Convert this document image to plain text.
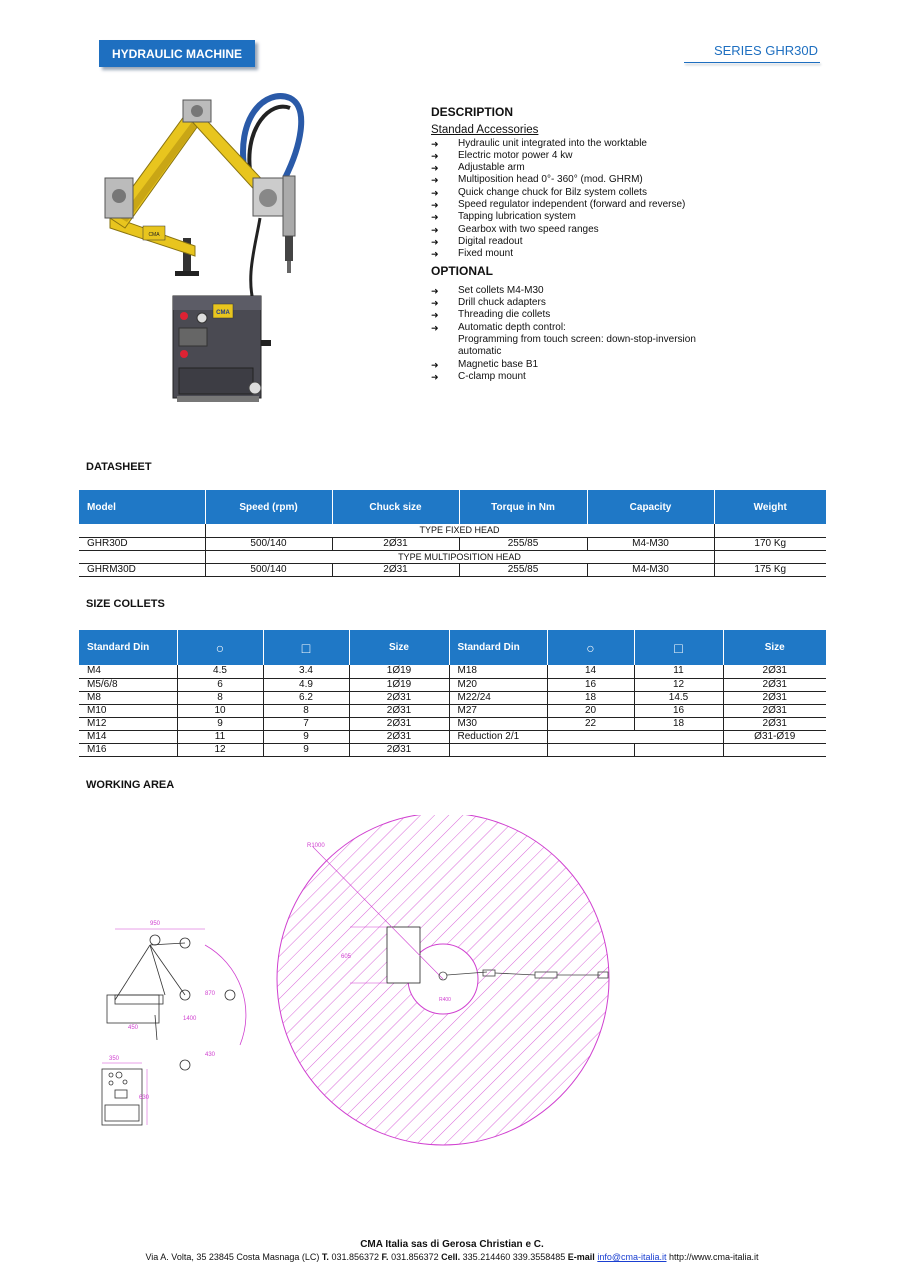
HYDRAULIC MACHINE	SERIES GHR30D
CMA
CMA
DESCRIPTION
Standad Accessories
➜ Hydraulic unit integrated into the worktable
➜ Electric motor power 4 kw
➜ Adjustable arm
➜ Multiposition head 0°- 360° (mod. GHRM)
➜ Quick change chuck for Bilz system collets
➜ Speed regulator independent (forward and reverse)
➜ Tapping lubrication system
➜ Gearbox with two speed ranges
➜ Digital readout
➜ Fixed mount
OPTIONAL
➜ Set collets M4-M30
➜ Drill chuck adapters
➜ Threading die collets
➜ Automatic depth control:
Programming from touch screen: down-stop-inversion automatic
➜ Magnetic base B1
➜ C-clamp mount
DATASHEET
Model	Speed (rpm)	Chuck size	Torque in Nm	Capacity	Weight
	TYPE FIXED HEAD				
GHR30D	500/140	2Ø31	255/85	M4-M30	170 Kg
	TYPE MULTIPOSITION HEAD				
GHRM30D	500/140	2Ø31	255/85	M4-M30	175 Kg
SIZE COLLETS
Standard Din	○	□	Size	Standard Din	○	□	Size
M4	4.5	3.4	1Ø19	M18	14	11	2Ø31
M5/6/8	6	4.9	1Ø19	M20	16	12	2Ø31
M8	8	6.2	2Ø31	M22/24	18	14.5	2Ø31
M10	10	8	2Ø31	M27	20	16	2Ø31
M12	9	7	2Ø31	M30	22	18	2Ø31
M14	11	9	2Ø31	Reduction 2/1			Ø31-Ø19
M16	12	9	2Ø31				
WORKING AREA
R1000
605
R400
950
870
1400
450
430
350
630
CMA Italia sas di Gerosa Christian e C.
Via A. Volta, 35 23845 Costa Masnaga (LC) T. 031.856372 F. 031.856372 Cell. 335.214460 339.3558485 E-mail info@cma-italia.it http://www.cma-italia.it
